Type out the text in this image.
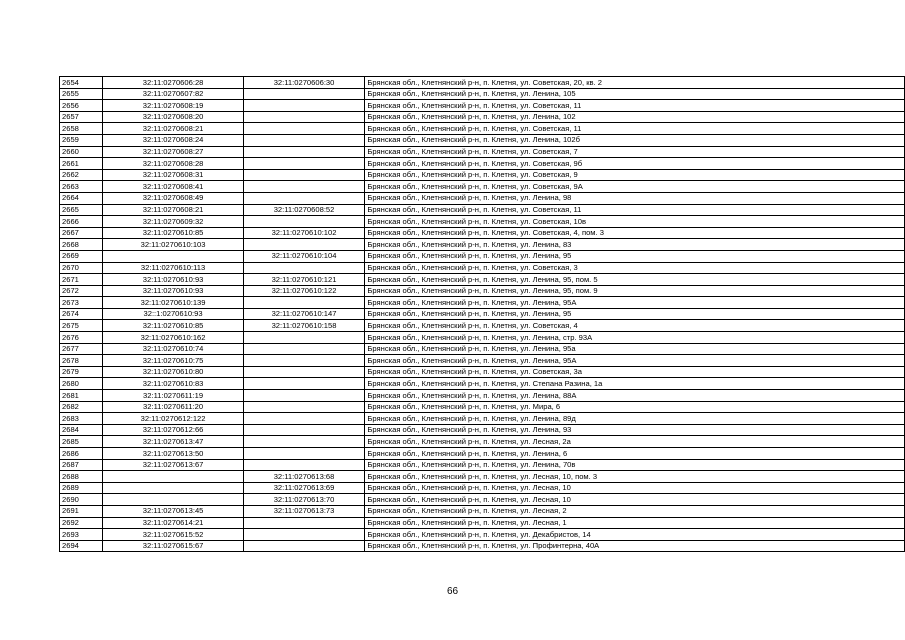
2654	32:11:0270606:28	32:11:0270606:30	Брянская обл., Клетнянский р-н, п. Клетня, ул. Советская, 20, кв. 2
2655	32:11:0270607:82		Брянская обл., Клетнянский р-н, п. Клетня, ул. Ленина, 105
2656	32:11:0270608:19		Брянская обл., Клетнянский р-н, п. Клетня, ул. Советская, 11
2657	32:11:0270608:20		Брянская обл., Клетнянский р-н, п. Клетня, ул. Ленина, 102
2658	32:11:0270608:21		Брянская обл., Клетнянский р-н, п. Клетня, ул. Советская, 11
2659	32:11:0270608:24		Брянская обл., Клетнянский р-н, п. Клетня, ул. Ленина, 102б
2660	32:11:0270608:27		Брянская обл., Клетнянский р-н, п. Клетня, ул. Советская, 7
2661	32:11:0270608:28		Брянская обл., Клетнянский р-н, п. Клетня, ул. Советская, 9б
2662	32:11:0270608:31		Брянская обл., Клетнянский р-н, п. Клетня, ул. Советская, 9
2663	32:11:0270608:41		Брянская обл., Клетнянский р-н, п. Клетня, ул. Советская, 9А
2664	32:11:0270608:49		Брянская обл., Клетнянский р-н, п. Клетня, ул. Ленина, 98
2665	32:11:0270608:21	32:11:0270608:52	Брянская обл., Клетнянский р-н, п. Клетня, ул. Советская, 11
2666	32:11:0270609:32		Брянская обл., Клетнянский р-н, п. Клетня, ул. Советская, 10в
2667	32:11:0270610:85	32:11:0270610:102	Брянская обл., Клетнянский р-н, п. Клетня, ул. Советская, 4, пом. 3
2668	32:11:0270610:103		Брянская обл., Клетнянский р-н, п. Клетня, ул. Ленина, 83
2669		32:11:0270610:104	Брянская обл., Клетнянский р-н, п. Клетня, ул. Ленина, 95
2670	32:11:0270610:113		Брянская обл., Клетнянский р-н, п. Клетня, ул. Советская, 3
2671	32:11:0270610:93	32:11:0270610:121	Брянская обл., Клетнянский р-н, п. Клетня, ул. Ленина, 95, пом. 5
2672	32:11:0270610:93	32:11:0270610:122	Брянская обл., Клетнянский р-н, п. Клетня, ул. Ленина, 95, пом. 9
2673	32:11:0270610:139		Брянская обл., Клетнянский р-н, п. Клетня, ул. Ленина, 95А
2674	32::1:0270610:93	32:11:0270610:147	Брянская обл., Клетнянский р-н, п. Клетня, ул. Ленина, 95
2675	32:11:0270610:85	32:11:0270610:158	Брянская обл., Клетнянский р-н, п. Клетня, ул. Советская, 4
2676	32:11:0270610:162		Брянская обл., Клетнянский р-н, п. Клетня, ул. Ленина, стр. 93А
2677	32:11:0270610:74		Брянская обл., Клетнянский р-н, п. Клетня, ул. Ленина, 95а
2678	32:11:0270610:75		Брянская обл., Клетнянский р-н, п. Клетня, ул. Ленина, 95А
2679	32:11:0270610:80		Брянская обл., Клетнянский р-н, п. Клетня, ул. Советская, 3а
2680	32:11:0270610:83		Брянская обл., Клетнянский р-н, п. Клетня, ул. Степана Разина, 1а
2681	32:11:0270611:19		Брянская обл., Клетнянский р-н, п. Клетня, ул. Ленина, 88А
2682	32:11:0270611:20		Брянская обл., Клетнянский р-н, п. Клетня, ул. Мира, 6
2683	32:11:0270612:122		Брянская обл., Клетнянский р-н, п. Клетня, ул. Ленина, 89д
2684	32:11:0270612:66		Брянская обл., Клетнянский р-н, п. Клетня, ул. Ленина, 93
2685	32:11:0270613:47		Брянская обл., Клетнянский р-н, п. Клетня, ул. Лесная, 2а
2686	32:11:0270613:50		Брянская обл., Клетнянский р-н, п. Клетня, ул. Ленина, 6
2687	32:11:0270613:67		Брянская обл., Клетнянский р-н, п. Клетня, ул. Ленина, 70в
2688		32:11:0270613:68	Брянская обл., Клетнянский р-н, п. Клетня, ул. Лесная, 10, пом. 3
2689		32:11:0270613:69	Брянская обл., Клетнянский р-н, п. Клетня, ул. Лесная, 10
2690		32:11:0270613:70	Брянская обл., Клетнянский р-н, п. Клетня, ул. Лесная, 10
2691	32:11:0270613:45	32:11:0270613:73	Брянская обл., Клетнянский р-н, п. Клетня, ул. Лесная, 2
2692	32:11:0270614:21		Брянская обл., Клетнянский р-н, п. Клетня, ул. Лесная, 1
2693	32:11:0270615:52		Брянская обл., Клетнянский р-н, п. Клетня, ул. Декабристов, 14
2694	32:11:0270615:67		Брянская обл., Клетнянский р-н, п. Клетня, ул. Профинтерна, 40А
66
